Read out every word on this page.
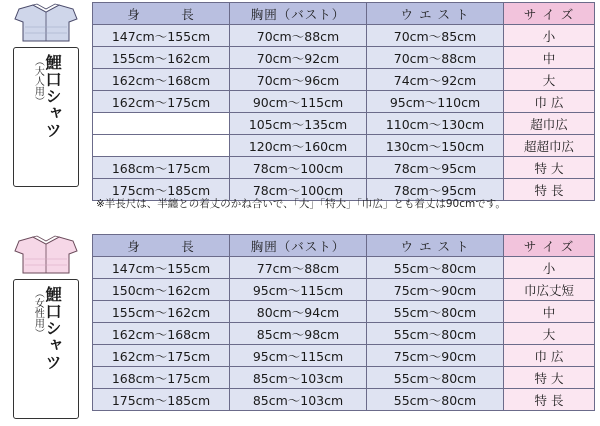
鯉口シャツ
（大人用）
身　　　長	胸囲（バスト）	ウ エ ス ト	サ イ ズ
147cm〜155cm	70cm〜88cm	70cm〜85cm	小
155cm〜162cm	70cm〜92cm	70cm〜88cm	中
162cm〜168cm	70cm〜96cm	74cm〜92cm	大
162cm〜175cm	90cm〜115cm	95cm〜110cm	巾 広
	105cm〜135cm	110cm〜130cm	超巾広
	120cm〜160cm	130cm〜150cm	超超巾広
168cm〜175cm	78cm〜100cm	78cm〜95cm	特 大
175cm〜185cm	78cm〜100cm	78cm〜95cm	特 長
※半長尺は、半纏との着丈のかね合いで、「大」「特大」「巾広」とも着丈は90cmです。
鯉口シャツ
（女性用）
身　　　長	胸囲（バスト）	ウ エ ス ト	サ イ ズ
147cm〜155cm	77cm〜88cm	55cm〜80cm	小
150cm〜162cm	95cm〜115cm	75cm〜90cm	巾広丈短
155cm〜162cm	80cm〜94cm	55cm〜80cm	中
162cm〜168cm	85cm〜98cm	55cm〜80cm	大
162cm〜175cm	95cm〜115cm	75cm〜90cm	巾 広
168cm〜175cm	85cm〜103cm	55cm〜80cm	特 大
175cm〜185cm	85cm〜103cm	55cm〜80cm	特 長
